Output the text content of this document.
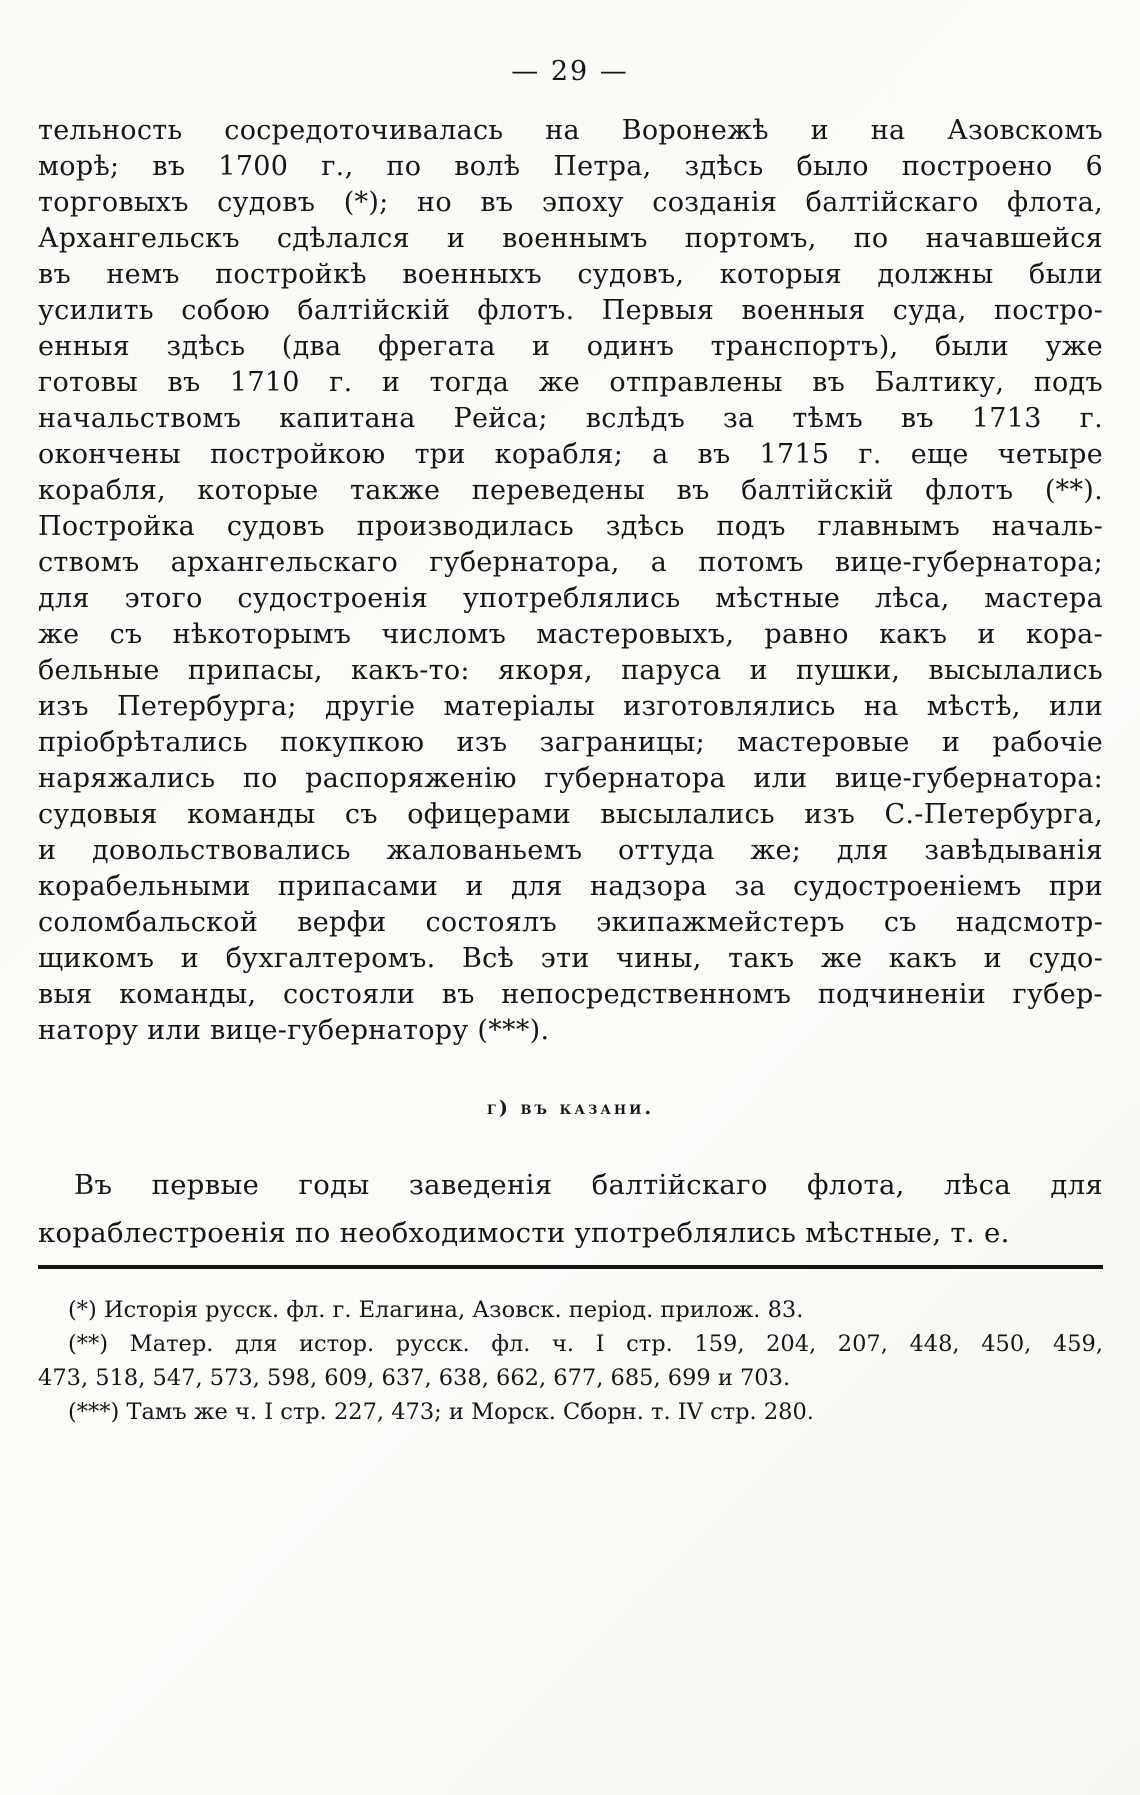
— 29 —
тельность сосредоточивалась на Воронежѣ и на Азовскомъ
морѣ; въ 1700 г., по волѣ Петра, здѣсь было построено 6
торговыхъ судовъ (*); но въ эпоху созданія балтійскаго флота,
Архангельскъ сдѣлался и военнымъ портомъ, по начавшейся
въ немъ постройкѣ военныхъ судовъ, которыя должны были
усилить собою балтійскій флотъ. Первыя военныя суда, постро-
енныя здѣсь (два фрегата и одинъ транспортъ), были уже
готовы въ 1710 г. и тогда же отправлены въ Балтику, подъ
начальствомъ капитана Рейса; вслѣдъ за тѣмъ въ 1713 г.
окончены постройкою три корабля; а въ 1715 г. еще четыре
корабля, которые также переведены въ балтійскій флотъ (**).
Постройка судовъ производилась здѣсь подъ главнымъ началь-
ствомъ архангельскаго губернатора, а потомъ вице-губернатора;
для этого судостроенія употреблялись мѣстные лѣса, мастера
же съ нѣкоторымъ числомъ мастеровыхъ, равно какъ и кора-
бельные припасы, какъ-то: якоря, паруса и пушки, высылались
изъ Петербурга; другіе матеріалы изготовлялись на мѣстѣ, или
пріобрѣтались покупкою изъ заграницы; мастеровые и рабочіе
наряжались по распоряженію губернатора или вице-губернатора:
судовыя команды съ офицерами высылались изъ С.-Петербурга,
и довольствовались жалованьемъ оттуда же; для завѣдыванія
корабельными припасами и для надзора за судостроеніемъ при
соломбальской верфи состоялъ экипажмейстеръ съ надсмотр-
щикомъ и бухгалтеромъ. Всѣ эти чины, такъ же какъ и судо-
выя команды, состояли въ непосредственномъ подчиненіи губер-
натору или вице-губернатору (***).
г) въ казани.
Въ первые годы заведенія балтійскаго флота, лѣса для
кораблестроенія по необходимости употреблялись мѣстные, т. е.
(*) Исторія русск. фл. г. Елагина, Азовск. період. прилож. 83.
(**) Матер. для истор. русск. фл. ч. I стр. 159, 204, 207, 448, 450, 459,
473, 518, 547, 573, 598, 609, 637, 638, 662, 677, 685, 699 и 703.
(***) Тамъ же ч. I стр. 227, 473; и Морск. Сборн. т. IV стр. 280.
